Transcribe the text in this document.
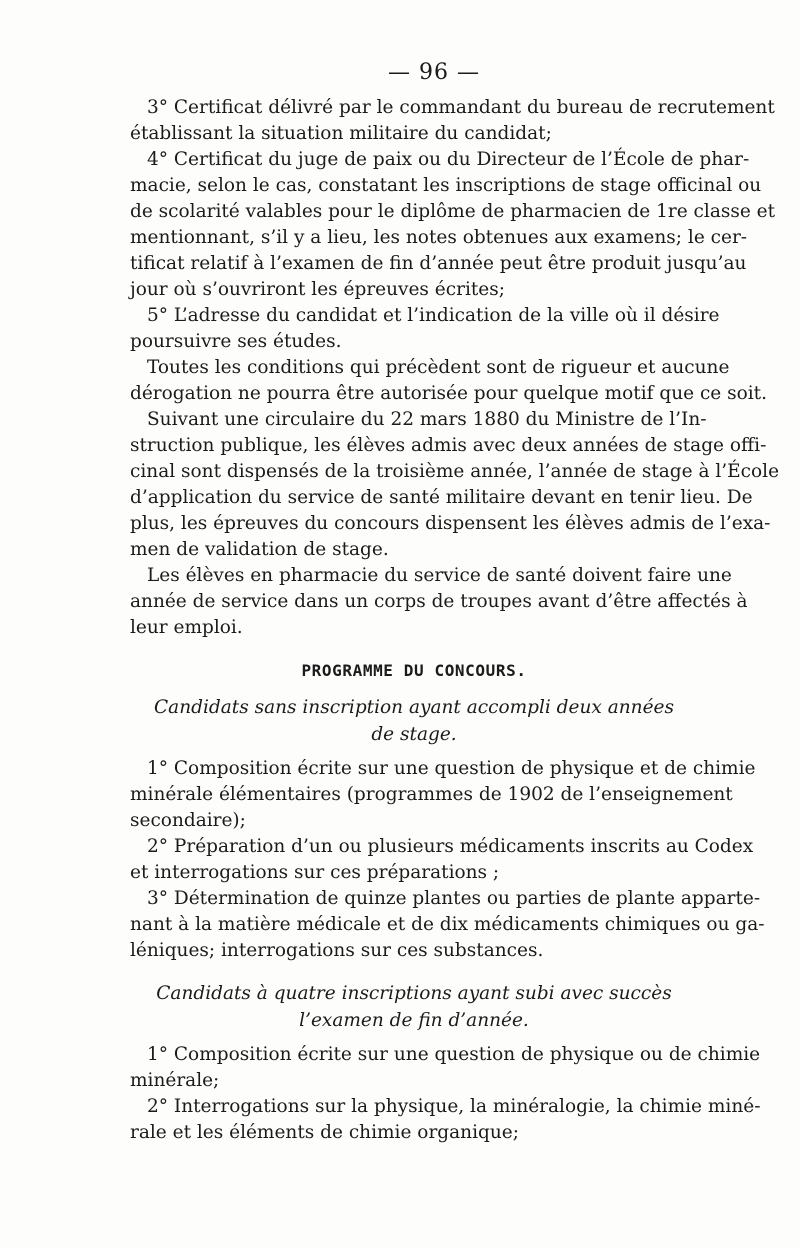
— 96 —
3° Certificat délivré par le commandant du bureau de recrutement
établissant la situation militaire du candidat;
4° Certificat du juge de paix ou du Directeur de l’École de phar-
macie, selon le cas, constatant les inscriptions de stage officinal ou
de scolarité valables pour le diplôme de pharmacien de 1re classe et
mentionnant, s’il y a lieu, les notes obtenues aux examens; le cer-
tificat relatif à l’examen de fin d’année peut être produit jusqu’au
jour où s’ouvriront les épreuves écrites;
5° L’adresse du candidat et l’indication de la ville où il désire
poursuivre ses études.
Toutes les conditions qui précèdent sont de rigueur et aucune
dérogation ne pourra être autorisée pour quelque motif que ce soit.
Suivant une circulaire du 22 mars 1880 du Ministre de l’In-
struction publique, les élèves admis avec deux années de stage offi-
cinal sont dispensés de la troisième année, l’année de stage à l’École
d’application du service de santé militaire devant en tenir lieu. De
plus, les épreuves du concours dispensent les élèves admis de l’exa-
men de validation de stage.
Les élèves en pharmacie du service de santé doivent faire une
année de service dans un corps de troupes avant d’être affectés à
leur emploi.
PROGRAMME DU CONCOURS.
Candidats sans inscription ayant accompli deux années
de stage.
1° Composition écrite sur une question de physique et de chimie
minérale élémentaires (programmes de 1902 de l’enseignement
secondaire);
2° Préparation d’un ou plusieurs médicaments inscrits au Codex
et interrogations sur ces préparations ;
3° Détermination de quinze plantes ou parties de plante apparte-
nant à la matière médicale et de dix médicaments chimiques ou ga-
léniques; interrogations sur ces substances.
Candidats à quatre inscriptions ayant subi avec succès
l’examen de fin d’année.
1° Composition écrite sur une question de physique ou de chimie
minérale;
2° Interrogations sur la physique, la minéralogie, la chimie miné-
rale et les éléments de chimie organique;
